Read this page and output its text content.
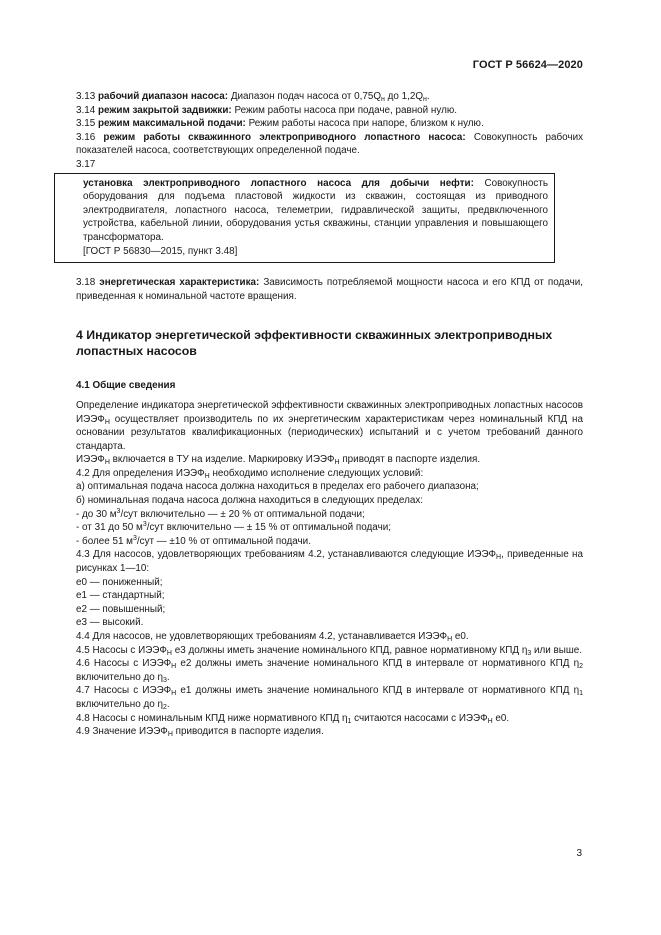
ГОСТ Р 56624—2020

3.13 рабочий диапазон насоса: Диапазон подач насоса от $0,75Q_н$ до $1,2Q_н$.

3.14 режим закрытой задвижки: Режим работы насоса при подаче, равной нулю.

3.15 режим максимальной подачи: Режим работы насоса при напоре, близком к нулю.

3.16 режим работы скважинного электроприводного лопастного насоса: Совокупность рабочих показателей насоса, соответствующих определенной подаче.

3.17

установка электроприводного лопастного насоса для добычи нефти: Совокупность оборудования для подъема пластовой жидкости из скважин, состоящая из приводного электродвигателя, лопастного насоса, телеметрии, гидравлической защиты, предвключенного устройства, кабельной линии, оборудования устья скважины, станции управления и повышающего трансформатора.

[ГОСТ Р 56830—2015, пункт 3.48]

3.18 энергетическая характеристика: Зависимость потребляемой мощности насоса и его КПД от подачи, приведенная к номинальной частоте вращения.

4 Индикатор энергетической эффективности скважинных электроприводных лопастных насосов
4.1 Общие сведения

Определение индикатора энергетической эффективности скважинных электроприводных лопастных насосов $ИЭЭФ_Н$ осуществляет производитель по их энергетическим характеристикам через номинальный КПД на основании результатов квалификационных (периодических) испытаний и с учетом требований данного стандарта.

$ИЭЭФ_Н$ включается в ТУ на изделие. Маркировку $ИЭЭФ_Н$ приводят в паспорте изделия.

4.2 Для определения $ИЭЭФ_Н$ необходимо исполнение следующих условий:

а) оптимальная подача насоса должна находиться в пределах его рабочего диапазона;

б) номинальная подача насоса должна находиться в следующих пределах:

- до 30 $м^3$/сут включительно — ± 20 % от оптимальной подачи;

- от 31 до 50 $м^3$/сут включительно — ± 15 % от оптимальной подачи;

- более 51 $м^3$/сут — ±10 % от оптимальной подачи.

4.3 Для насосов, удовлетворяющих требованиям 4.2, устанавливаются следующие $ИЭЭФ_Н$, приведенные на рисунках 1—10:

е0 — пониженный;

е1 — стандартный;

е2 — повышенный;

е3 — высокий.

4.4 Для насосов, не удовлетворяющих требованиям 4.2, устанавливается $ИЭЭФ_Н$ е0.

4.5 Насосы с $ИЭЭФ_Н$ е3 должны иметь значение номинального КПД, равное нормативному КПД $\eta_3$ или выше.

4.6 Насосы с $ИЭЭФ_Н$ е2 должны иметь значение номинального КПД в интервале от нормативного КПД $\eta_2$ включительно до $\eta_3$.

4.7 Насосы с $ИЭЭФ_Н$ е1 должны иметь значение номинального КПД в интервале от нормативного КПД $\eta_1$ включительно до $\eta_2$.

4.8 Насосы с номинальным КПД ниже нормативного КПД $\eta_1$ считаются насосами с $ИЭЭФ_Н$ е0.

4.9 Значение $ИЭЭФ_Н$ приводится в паспорте изделия.

3
